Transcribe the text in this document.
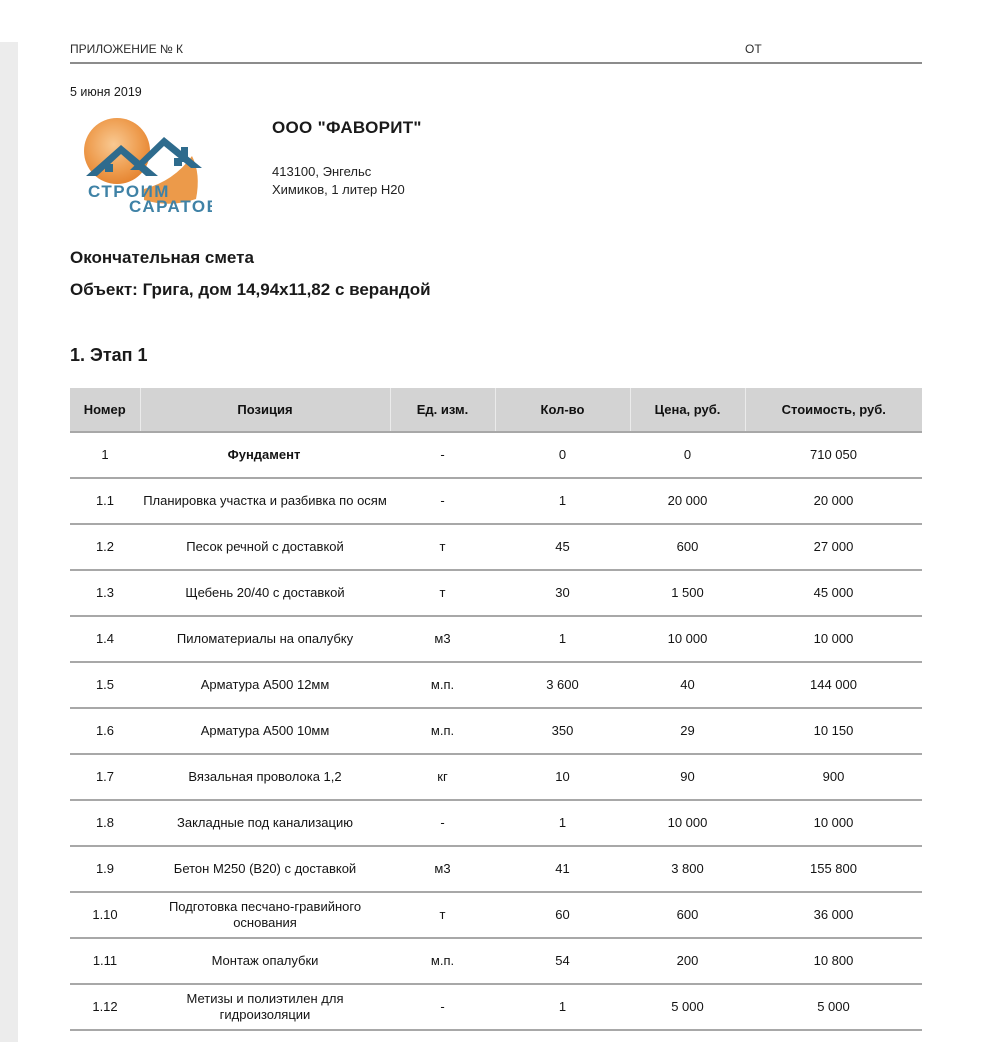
ПРИЛОЖЕНИЕ № К	ОТ
5 июня 2019
СТРОИМ
САРАТОВ
ООО "ФАВОРИТ"
413100, Энгельс
Химиков, 1 литер Н20
Окончательная смета
Объект: Грига, дом 14,94x11,82 с верандой
1. Этап 1
Номер	Позиция	Ед. изм.	Кол-во	Цена, руб.	Стоимость, руб.
1	Фундамент	-	0	0	710 050
1.1	Планировка участка и разбивка по осям	-	1	20 000	20 000
1.2	Песок речной с доставкой	т	45	600	27 000
1.3	Щебень 20/40 с доставкой	т	30	1 500	45 000
1.4	Пиломатериалы на опалубку	м3	1	10 000	10 000
1.5	Арматура А500 12мм	м.п.	3 600	40	144 000
1.6	Арматура А500 10мм	м.п.	350	29	10 150
1.7	Вязальная проволока 1,2	кг	10	90	900
1.8	Закладные под канализацию	-	1	10 000	10 000
1.9	Бетон М250 (В20) с доставкой	м3	41	3 800	155 800
1.10	Подготовка песчано-гравийного основания	т	60	600	36 000
1.11	Монтаж опалубки	м.п.	54	200	10 800
1.12	Метизы и полиэтилен для гидроизоляции	-	1	5 000	5 000
